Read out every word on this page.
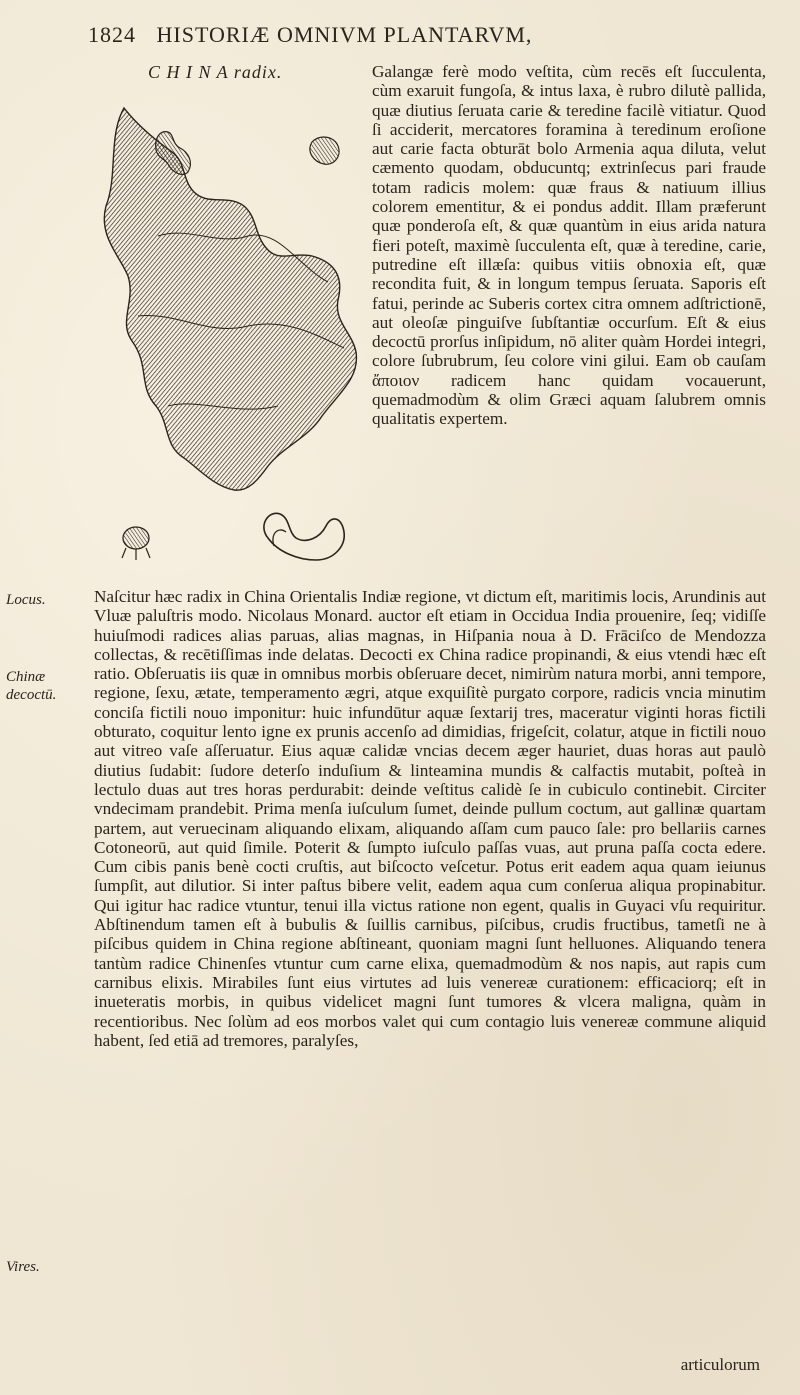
1824 HISTORIÆ OMNIVM PLANTARVM,
C H I N A radix.
Locus.
Chinæ
decoctū.
Vires.

Galangæ ferè modo veſtita, cùm recēs eſt ſucculenta, cùm exaruit fungoſa, & intus laxa, è rubro dilutè pallida, quæ diutius ſeruata carie & teredine facilè vitiatur. Quod ſi acciderit, mercatores foramina à teredinum eroſione aut carie facta obturāt bolo Armenia aqua diluta, velut cæmento quodam, obducuntq; extrinſecus pari fraude totam radicis molem: quæ fraus & natiuum illius colorem ementitur, & ei pondus addit. Illam præferunt quæ ponderoſa eſt, & quæ quantùm in eius arida natura fieri poteſt, maximè ſucculenta eſt, quæ à teredine, carie, putredine eſt illæſa: quibus vitiis obnoxia eſt, quæ recondita fuit, & in longum tempus ſeruata. Saporis eſt fatui, perinde ac Suberis cortex citra omnem adſtrictionē, aut oleoſæ pinguiſve ſubſtantiæ occurſum. Eſt & eius decoctū prorſus inſipidum, nō aliter quàm Hordei integri, colore ſubrubrum, ſeu colore vini gilui. Eam ob cauſam ἄποιον radicem hanc quidam vocauerunt, quemadmodùm & olim Græci aquam ſalubrem omnis qualitatis expertem.

Naſcitur hæc radix in China Orientalis Indiæ regione, vt dictum eſt, maritimis locis, Arundinis aut Vluæ paluſtris modo. Nicolaus Monard. auctor eſt etiam in Occidua India prouenire, ſeq; vidiſſe huiuſmodi radices alias paruas, alias magnas, in Hiſpania noua à D. Frāciſco de Mendozza collectas, & recētiſſimas inde delatas. Decocti ex China radice propinandi, & eius vtendi hæc eſt ratio. Obſeruatis iis quæ in omnibus morbis obſeruare decet, nimirùm natura morbi, anni tempore, regione, ſexu, ætate, temperamento ægri, atque exquiſitè purgato corpore, radicis vncia minutim conciſa fictili nouo imponitur: huic infundūtur aquæ ſextarij tres, maceratur viginti horas fictili obturato, coquitur lento igne ex prunis accenſo ad dimidias, frigeſcit, colatur, atque in fictili nouo aut vitreo vaſe aſſeruatur. Eius aquæ calidæ vncias decem æger hauriet, duas horas aut paulò diutius ſudabit: ſudore deterſo induſium & linteamina mundis & calfactis mutabit, poſteà in lectulo duas aut tres horas perdurabit: deinde veſtitus calidè ſe in cubiculo continebit. Circiter vndecimam prandebit. Prima menſa iuſculum ſumet, deinde pullum coctum, aut gallinæ quartam partem, aut veruecinam aliquando elixam, aliquando aſſam cum pauco ſale: pro bellariis carnes Cotoneorū, aut quid ſimile. Poterit & ſumpto iuſculo paſſas vuas, aut pruna paſſa cocta edere. Cum cibis panis benè cocti cruſtis, aut biſcocto veſcetur. Potus erit eadem aqua quam ieiunus ſumpſit, aut dilutior. Si inter paſtus bibere velit, eadem aqua cum conſerua aliqua propinabitur. Qui igitur hac radice vtuntur, tenui illa victus ratione non egent, qualis in Guyaci vſu requiritur. Abſtinendum tamen eſt à bubulis & ſuillis carnibus, piſcibus, crudis fructibus, tametſi ne à piſcibus quidem in China regione abſtineant, quoniam magni ſunt helluones. Aliquando tenera tantùm radice Chinenſes vtuntur cum carne elixa, quemadmodùm & nos napis, aut rapis cum carnibus elixis. Mirabiles ſunt eius virtutes ad luis venereæ curationem: efficaciorq; eſt in inueteratis morbis, in quibus videlicet magni ſunt tumores & vlcera maligna, quàm in recentioribus. Nec ſolùm ad eos morbos valet qui cum contagio luis venereæ commune aliquid habent, ſed etiā ad tremores, paralyſes,

articulorum
